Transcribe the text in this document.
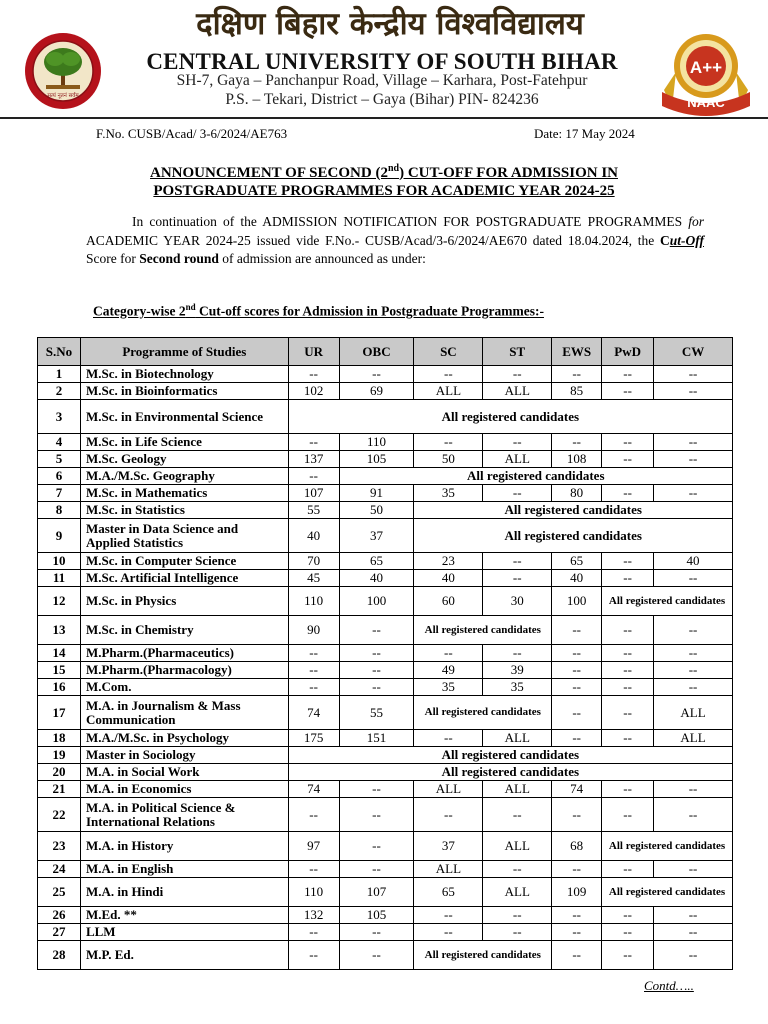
सत्यं नूतनं सर्वम्
दक्षिण बिहार केन्द्रीय विश्वविद्यालय
CENTRAL UNIVERSITY OF SOUTH BIHAR
SH-7, Gaya – Panchanpur Road, Village – Karhara, Post-Fatehpur
P.S. – Tekari, District – Gaya (Bihar) PIN- 824236
A++
NAAC
F.No. CUSB/Acad/ 3-6/2024/AE763	Date: 17 May 2024
ANNOUNCEMENT OF SECOND (2nd) CUT-OFF FOR ADMISSION IN
POSTGRADUATE PROGRAMMES FOR ACADEMIC YEAR 2024-25

In continuation of the ADMISSION NOTIFICATION FOR POSTGRADUATE PROGRAMMES for ACADEMIC YEAR 2024-25 issued vide F.No.- CUSB/Acad/3-6/2024/AE670 dated 18.04.2024, the Cut-Off Score for Second round of admission are announced as under:

Category-wise 2nd Cut-off scores for Admission in Postgraduate Programmes:-
S.No	Programme of Studies	UR	OBC	SC	ST	EWS	PwD	CW
1	M.Sc. in Biotechnology	--	--	--	--	--	--	--
2	M.Sc. in Bioinformatics	102	69	ALL	ALL	85	--	--
3	M.Sc. in Environmental Science	All registered candidates						
4	M.Sc. in Life Science	--	110	--	--	--	--	--
5	M.Sc. Geology	137	105	50	ALL	108	--	--
6	M.A./M.Sc. Geography	--	All registered candidates					
7	M.Sc. in Mathematics	107	91	35	--	80	--	--
8	M.Sc. in Statistics	55	50	All registered candidates				
9	Master in Data Science and Applied Statistics	40	37	All registered candidates				
10	M.Sc. in Computer Science	70	65	23	--	65	--	40
11	M.Sc. Artificial Intelligence	45	40	40	--	40	--	--
12	M.Sc. in Physics	110	100	60	30	100	All registered candidates	
13	M.Sc. in Chemistry	90	--	All registered candidates		--	--	--
14	M.Pharm.(Pharmaceutics)	--	--	--	--	--	--	--
15	M.Pharm.(Pharmacology)	--	--	49	39	--	--	--
16	M.Com.	--	--	35	35	--	--	--
17	M.A. in Journalism & Mass Communication	74	55	All registered candidates		--	--	ALL
18	M.A./M.Sc. in Psychology	175	151	--	ALL	--	--	ALL
19	Master in Sociology	All registered candidates						
20	M.A. in Social Work	All registered candidates						
21	M.A. in Economics	74	--	ALL	ALL	74	--	--
22	M.A. in Political Science & International Relations	--	--	--	--	--	--	--
23	M.A. in History	97	--	37	ALL	68	All registered candidates	
24	M.A. in English	--	--	ALL	--	--	--	--
25	M.A. in Hindi	110	107	65	ALL	109	All registered candidates	
26	M.Ed. **	132	105	--	--	--	--	--
27	LLM	--	--	--	--	--	--	--
28	M.P. Ed.	--	--	All registered candidates		--	--	--
Contd…..
